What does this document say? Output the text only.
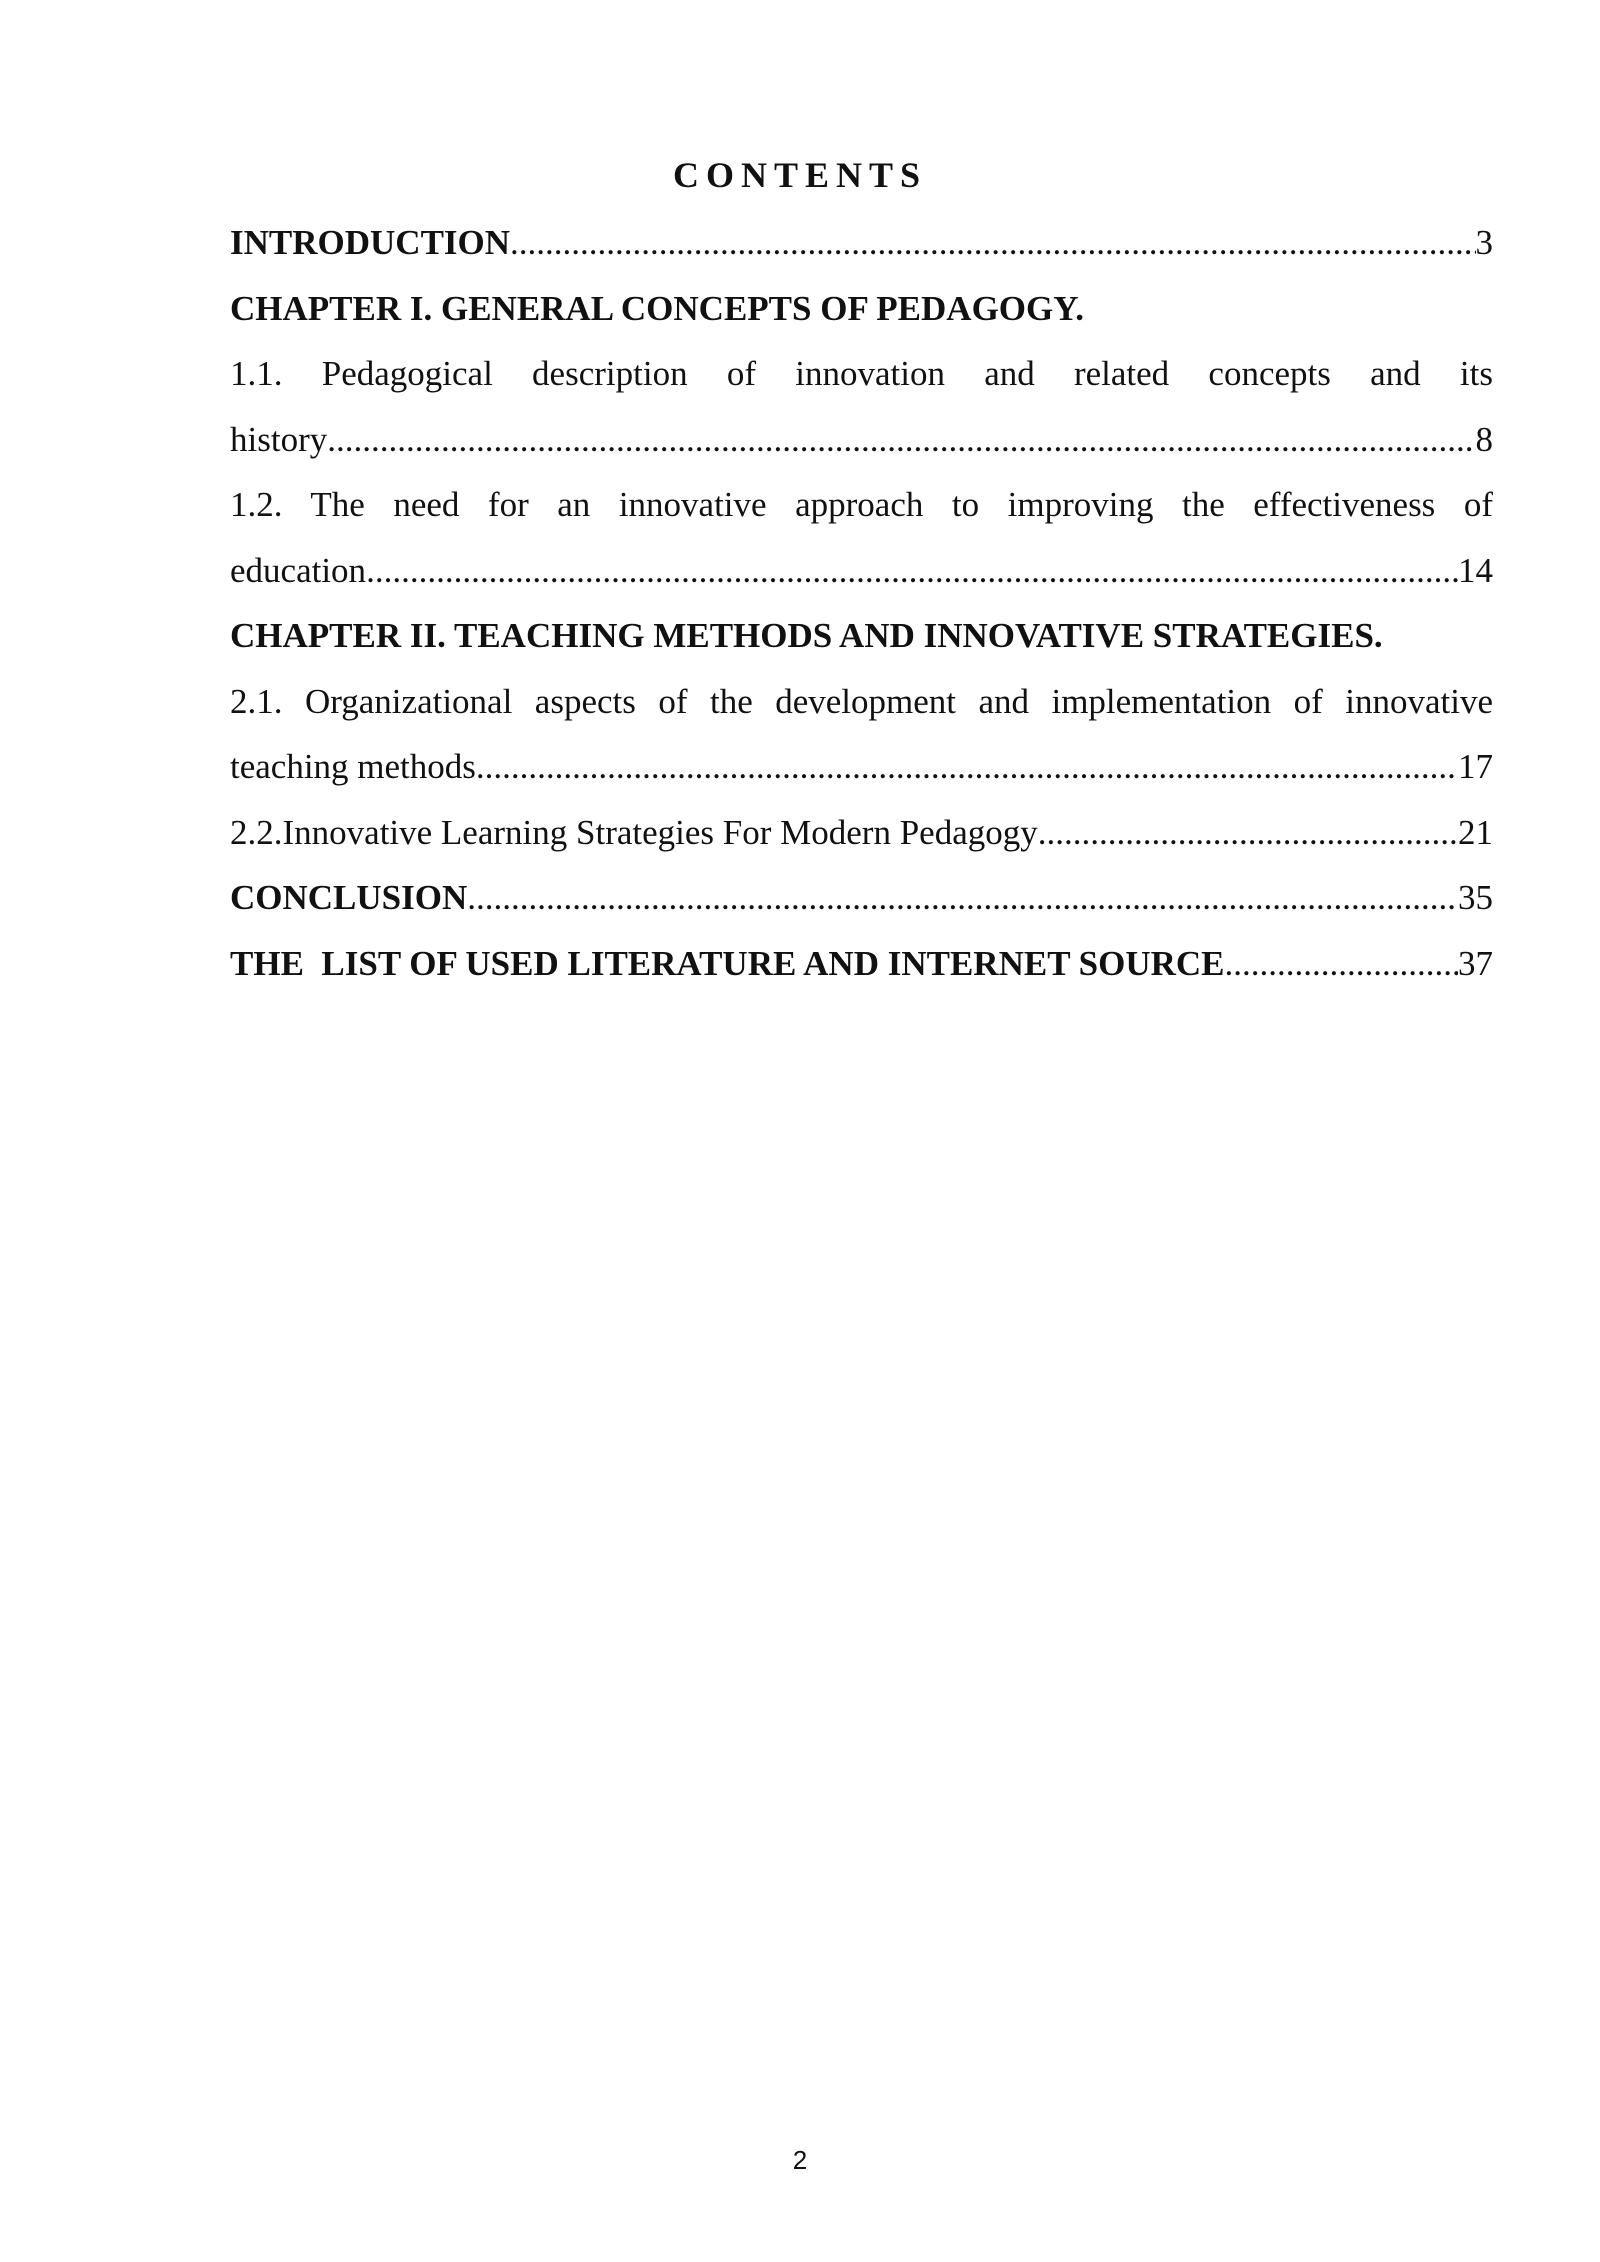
CONTENTS
INTRODUCTION .....	3
CHAPTER I. GENERAL CONCEPTS OF PEDAGOGY.
1.1. Pedagogical description of innovation and related concepts and its
history .....	8
1.2. The need for an innovative approach to improving the effectiveness of
education .....	14
CHAPTER II. TEACHING METHODS AND INNOVATIVE STRATEGIES.
2.1. Organizational aspects of the development and implementation of innovative
teaching methods .....	17
2.2.Innovative Learning Strategies For Modern Pedagogy .....	21
CONCLUSION .....	35
THE  LIST OF USED LITERATURE AND INTERNET SOURCE .....	37
2
